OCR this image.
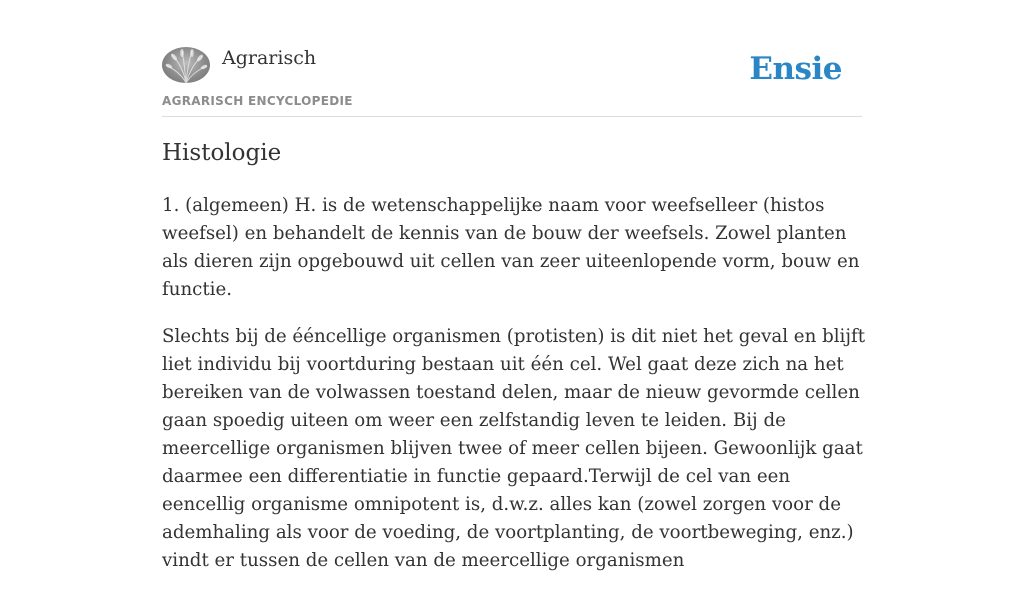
Agrarisch
AGRARISCH ENCYCLOPEDIE
Ensie
Histologie

1. (algemeen) H. is de wetenschappelijke naam voor weefselleer (histos weefsel) en behandelt de kennis van de bouw der weefsels. Zowel planten als dieren zijn opgebouwd uit cellen van zeer uiteenlopende vorm, bouw en functie.

Slechts bij de ééncellige organismen (protisten) is dit niet het geval en blijft liet individu bij voortduring bestaan uit één cel. Wel gaat deze zich na het bereiken van de volwassen toestand delen, maar de nieuw gevormde cellen gaan spoedig uiteen om weer een zelfstandig leven te leiden. Bij de meercellige organismen blijven twee of meer cellen bijeen. Gewoonlijk gaat daarmee een differentiatie in functie gepaard.Terwijl de cel van een eencellig organisme omnipotent is, d.w.z. alles kan (zowel zorgen voor de ademhaling als voor de voeding, de voortplanting, de voortbeweging, enz.) vindt er tussen de cellen van de meercellige organismen
